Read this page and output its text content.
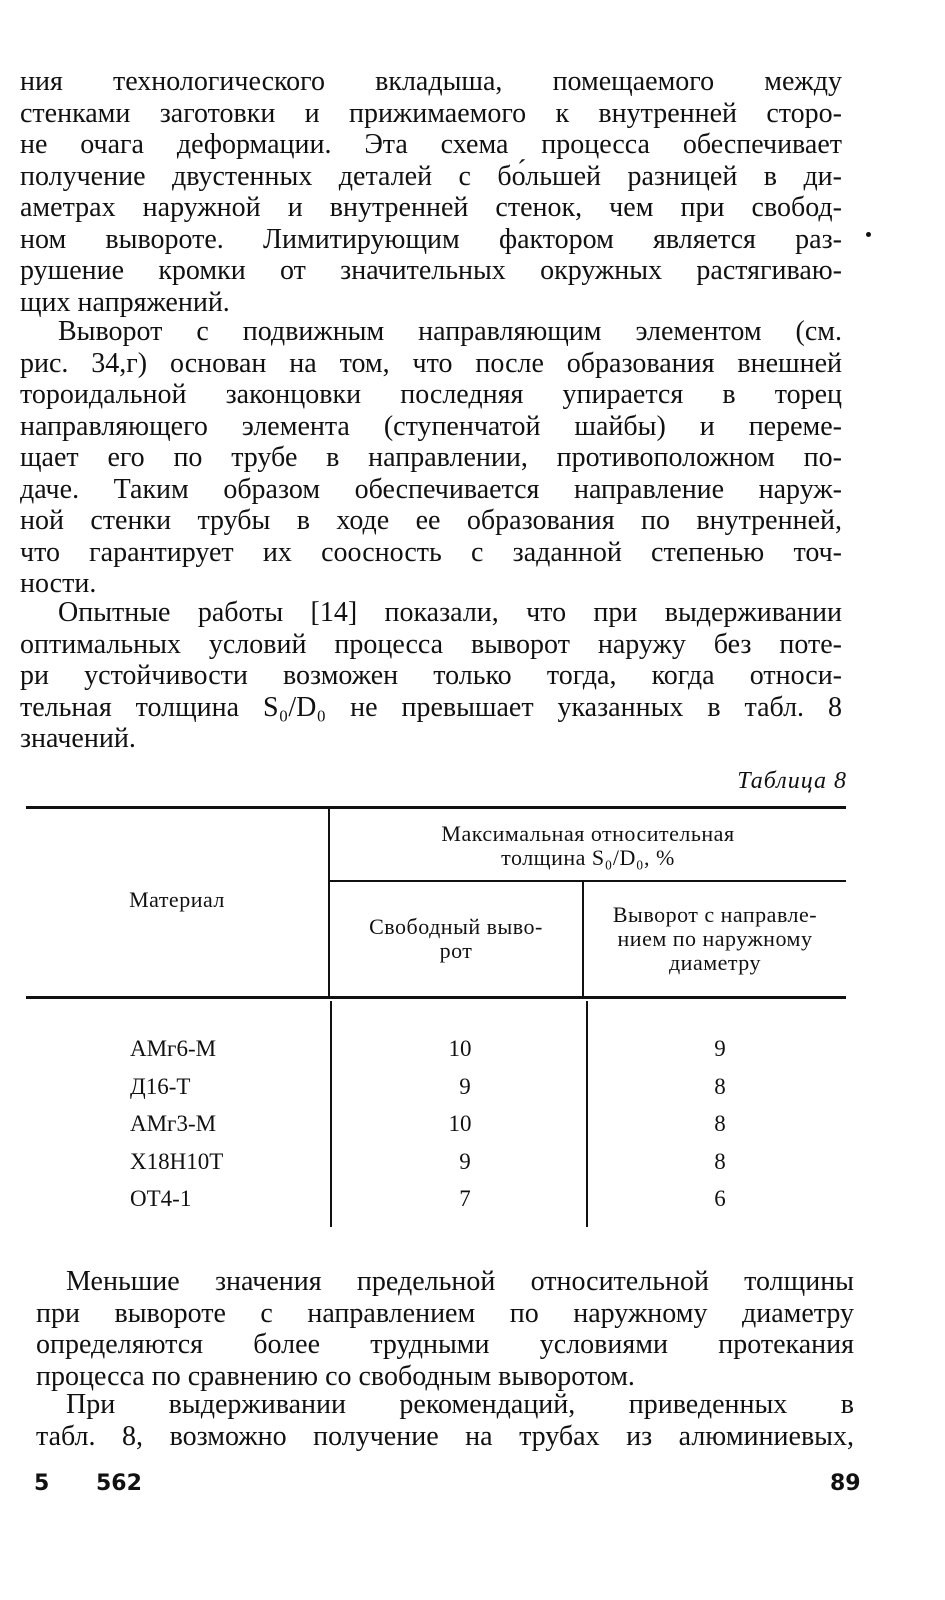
ния технологического вкладыша, помещаемого между
стенками заготовки и прижимаемого к внутренней сторо-
не очага деформации. Эта схема процесса обеспечивает
получение двустенных деталей с бо́льшей разницей в ди-
аметрах наружной и внутренней стенок, чем при свобод-
ном вывороте. Лимитирующим фактором является раз-
рушение кромки от значительных окружных растягиваю-
щих напряжений.
Выворот с подвижным направляющим элементом (см.
рис. 34,г) основан на том, что после образования внешней
тороидальной законцовки последняя упирается в торец
направляющего элемента (ступенчатой шайбы) и переме-
щает его по трубе в направлении, противоположном по-
даче. Таким образом обеспечивается направление наруж-
ной стенки трубы в ходе ее образования по внутренней,
что гарантирует их соосность с заданной степенью точ-
ности.
Опытные работы [14] показали, что при выдерживании
оптимальных условий процесса выворот наружу без поте-
ри устойчивости возможен только тогда, когда относи-
тельная толщина S₀/D₀ не превышает указанных в табл. 8
значений.
Таблица 8
Материал
Максимальная относительная
толщина S₀/D₀, %
Свободный выво-
рот
Выворот с направле-
нием по наружному
диаметру
АМг6-М	10	9
Д16-Т	9	8
АМг3-М	10	8
Х18Н10Т	9	8
ОТ4-1	7	6
Меньшие значения предельной относительной толщины
при вывороте с направлением по наружному диаметру
определяются более трудными условиями протекания
процесса по сравнению со свободным выворотом.
При выдерживании рекомендаций, приведенных в
табл. 8, возможно получение на трубах из алюминиевых,
5 562	89
